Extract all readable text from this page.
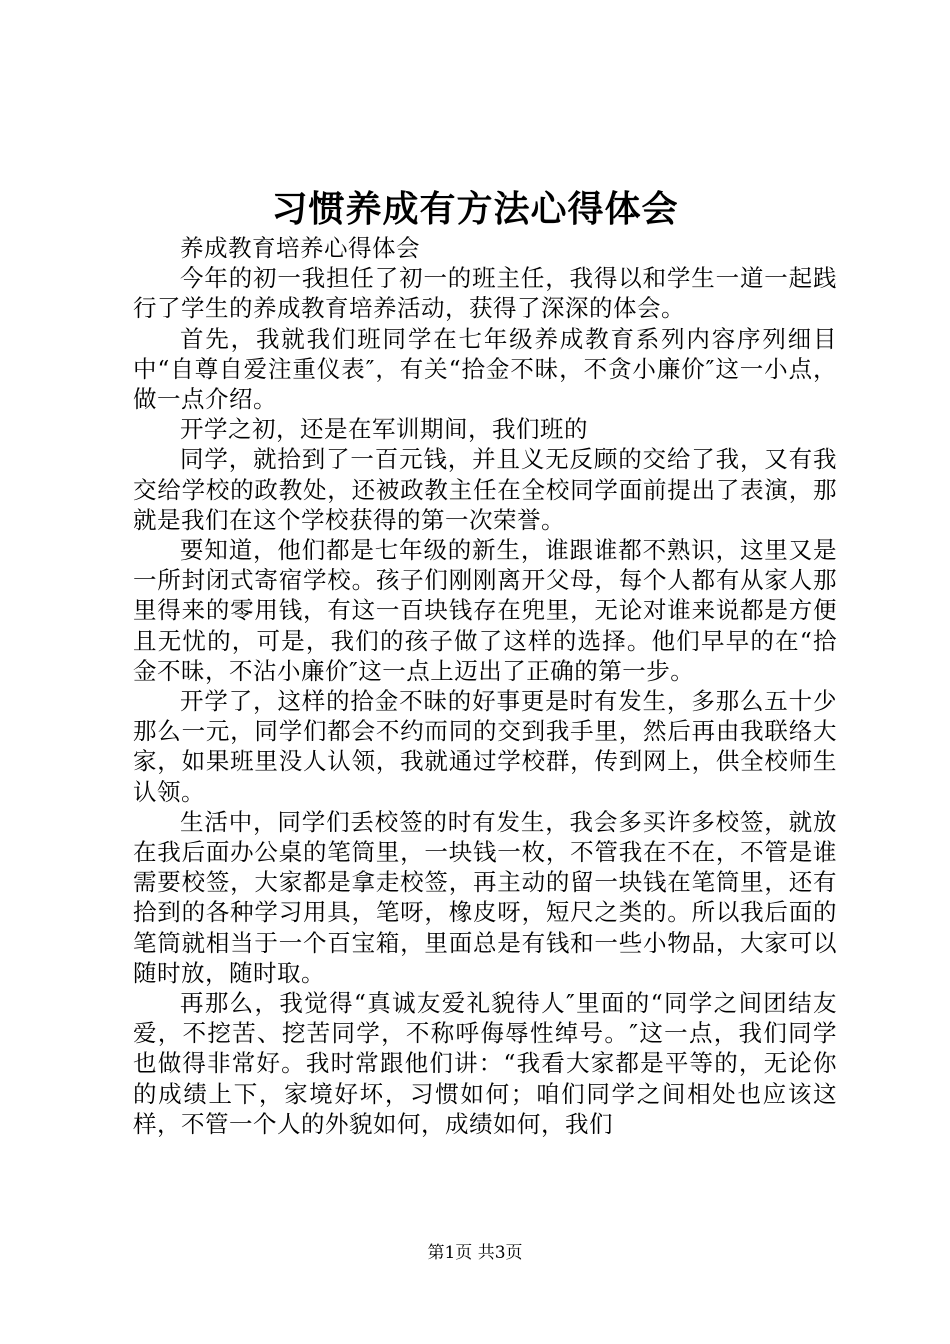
习惯养成有方法心得体会

养成教育培养心得体会

今年的初一我担任了初一的班主任，我得以和学生一道一起践行了学生的养成教育培养活动，获得了深深的体会。

首先，我就我们班同学在七年级养成教育系列内容序列细目中“自尊自爱注重仪表″，有关“拾金不昧，不贪小廉价″这一小点，做一点介绍。

开学之初，还是在军训期间，我们班的

同学，就拾到了一百元钱，并且义无反顾的交给了我，又有我交给学校的政教处，还被政教主任在全校同学面前提出了表演，那就是我们在这个学校获得的第一次荣誉。

要知道，他们都是七年级的新生，谁跟谁都不熟识，这里又是一所封闭式寄宿学校。孩子们刚刚离开父母，每个人都有从家人那里得来的零用钱，有这一百块钱存在兜里，无论对谁来说都是方便且无忧的，可是，我们的孩子做了这样的选择。他们早早的在“拾金不昧，不沾小廉价″这一点上迈出了正确的第一步。

开学了，这样的拾金不昧的好事更是时有发生，多那么五十少那么一元，同学们都会不约而同的交到我手里，然后再由我联络大家，如果班里没人认领，我就通过学校群，传到网上，供全校师生认领。

生活中，同学们丢校签的时有发生，我会多买许多校签，就放在我后面办公桌的笔筒里，一块钱一枚，不管我在不在，不管是谁需要校签，大家都是拿走校签，再主动的留一块钱在笔筒里，还有拾到的各种学习用具，笔呀，橡皮呀，短尺之类的。所以我后面的笔筒就相当于一个百宝箱，里面总是有钱和一些小物品，大家可以随时放，随时取。

再那么，我觉得“真诚友爱礼貌待人″里面的“同学之间团结友爱，不挖苦、挖苦同学，不称呼侮辱性绰号。″这一点，我们同学也做得非常好。我时常跟他们讲：“我看大家都是平等的，无论你的成绩上下，家境好坏，习惯如何；咱们同学之间相处也应该这样，不管一个人的外貌如何，成绩如何，我们

第1页 共3页
